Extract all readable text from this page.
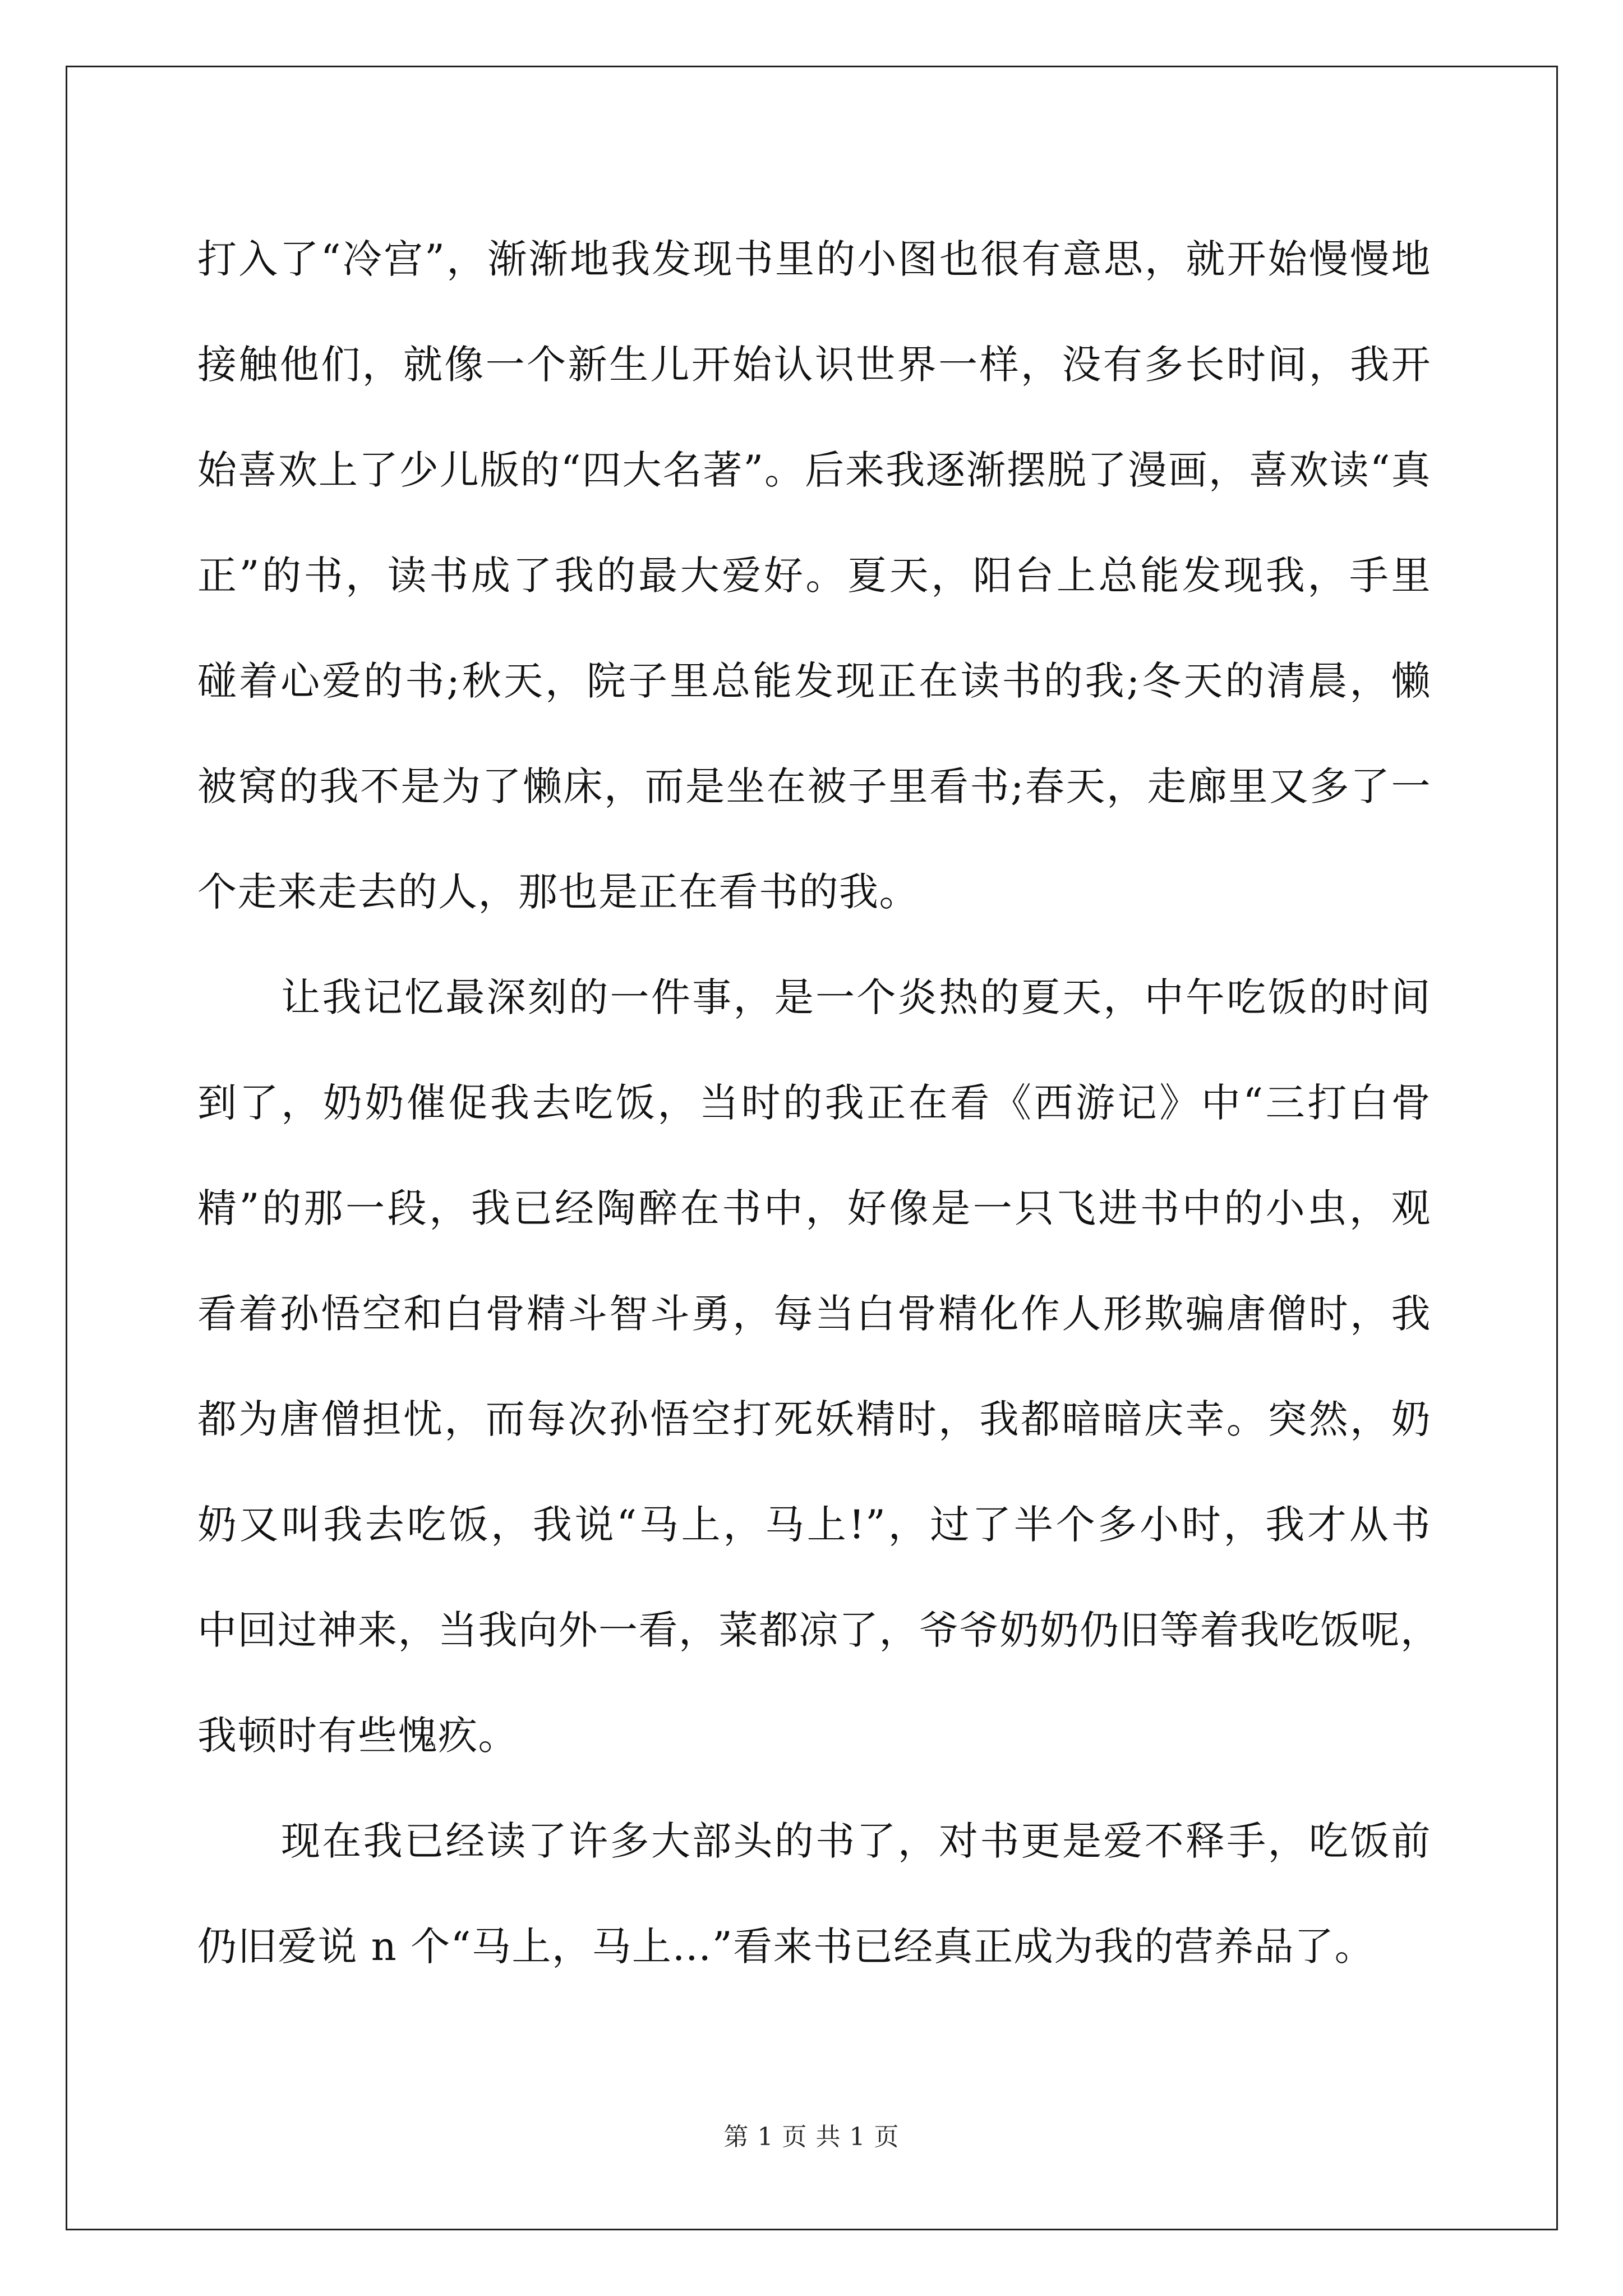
打入了“冷宫”，渐渐地我发现书里的小图也很有意思，就开始慢慢地
接触他们，就像一个新生儿开始认识世界一样，没有多长时间，我开
始喜欢上了少儿版的“四大名著”。后来我逐渐摆脱了漫画，喜欢读“真
正”的书，读书成了我的最大爱好。夏天，阳台上总能发现我，手里
碰着心爱的书;秋天，院子里总能发现正在读书的我;冬天的清晨，懒
被窝的我不是为了懒床，而是坐在被子里看书;春天，走廊里又多了一
个走来走去的人，那也是正在看书的我。
让我记忆最深刻的一件事，是一个炎热的夏天，中午吃饭的时间
到了，奶奶催促我去吃饭，当时的我正在看《西游记》中“三打白骨
精”的那一段，我已经陶醉在书中，好像是一只飞进书中的小虫，观
看着孙悟空和白骨精斗智斗勇，每当白骨精化作人形欺骗唐僧时，我
都为唐僧担忧，而每次孙悟空打死妖精时，我都暗暗庆幸。突然，奶
奶又叫我去吃饭，我说“马上，马上!”，过了半个多小时，我才从书
中回过神来，当我向外一看，菜都凉了，爷爷奶奶仍旧等着我吃饭呢，
我顿时有些愧疚。
现在我已经读了许多大部头的书了，对书更是爱不释手，吃饭前
仍旧爱说 n 个“马上，马上…”看来书已经真正成为我的营养品了。
第 1 页 共 1 页
